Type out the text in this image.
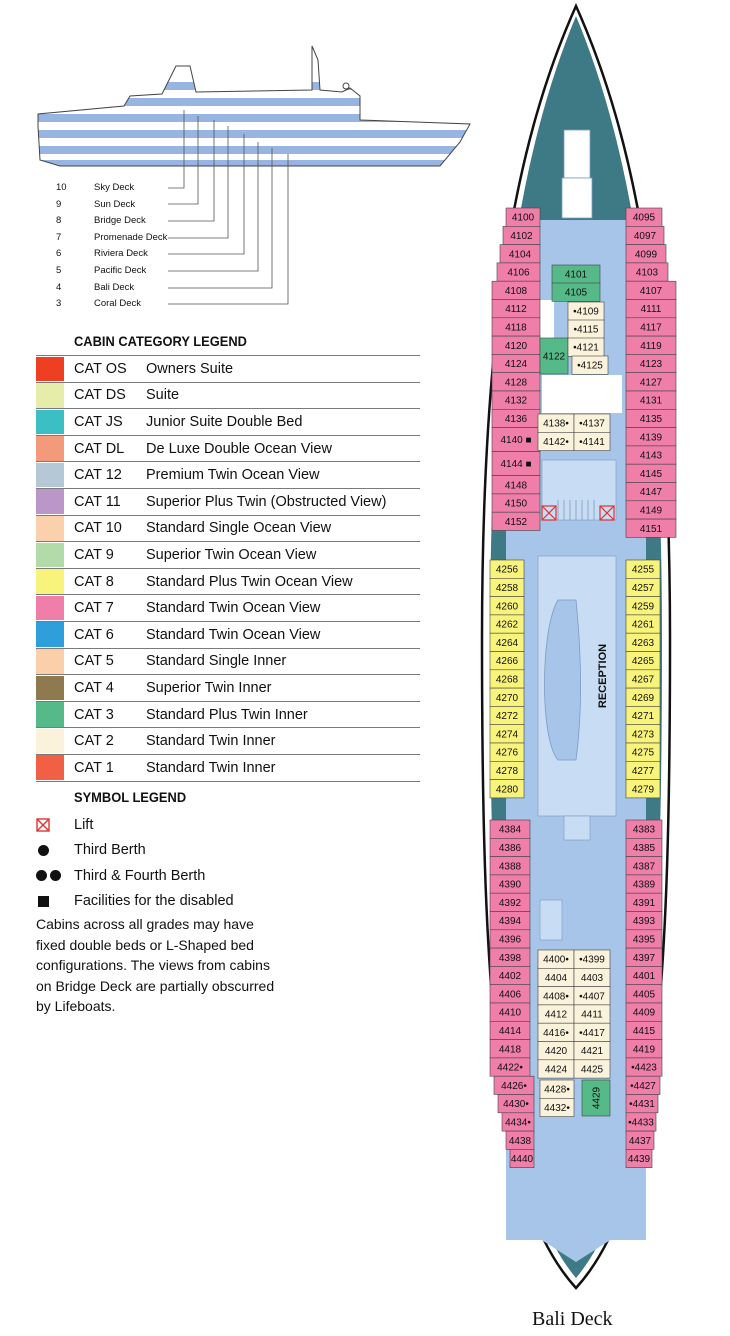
10	Sky Deck
9	Sun Deck
8	Bridge Deck
7	Promenade Deck
6	Riviera Deck
5	Pacific Deck
4	Bali Deck
3	Coral Deck
CABIN CATEGORY LEGEND
CAT OS	Owners Suite
CAT DS	Suite
CAT JS	Junior Suite Double Bed
CAT DL	De Luxe Double Ocean View
CAT 12	Premium Twin Ocean View
CAT 11	Superior Plus Twin (Obstructed View)
CAT 10	Standard Single Ocean View
CAT 9	Superior Twin Ocean View
CAT 8	Standard Plus Twin Ocean View
CAT 7	Standard Twin Ocean View
CAT 6	Standard Twin Ocean View
CAT 5	Standard Single Inner
CAT 4	Superior Twin Inner
CAT 3	Standard Plus Twin Inner
CAT 2	Standard Twin Inner
CAT 1	Standard Twin Inner
SYMBOL LEGEND
Lift
Third Berth
Third & Fourth Berth
Facilities for the disabled
Cabins across all grades may have fixed double beds or L-Shaped bed configurations. The views from cabins on Bridge Deck are partially obscurred by Lifeboats.
RECEPTION
4100
4102
4104
4106
4108
4112
4118
4120
4124
4128
4132
4136
4140 ■
4144 ■
4148
4150
4152
4095
4097
4099
4103
4107
4111
4117
4119
4123
4127
4131
4135
4139
4143
4145
4147
4149
4151
4256
4258
4260
4262
4264
4266
4268
4270
4272
4274
4276
4278
4280
4255
4257
4259
4261
4263
4265
4267
4269
4271
4273
4275
4277
4279
4384
4386
4388
4390
4392
4394
4396
4398
4402
4406
4410
4414
4418
4422•
4426•
4430•
4434•
4438
4440
4383
4385
4387
4389
4391
4393
4395
4397
4401
4405
4409
4415
4419
•4423
•4427
•4431
•4433
4437
4439
4101
4105
•4109
•4115
4122
•4121
•4125
4138• •4137
4142• •4141
4400• •4399
4404 4403
4408• •4407
4412 4411
4416• •4417
4420 4421
4424 4425
4428•
4432• 4429
Bali Deck
